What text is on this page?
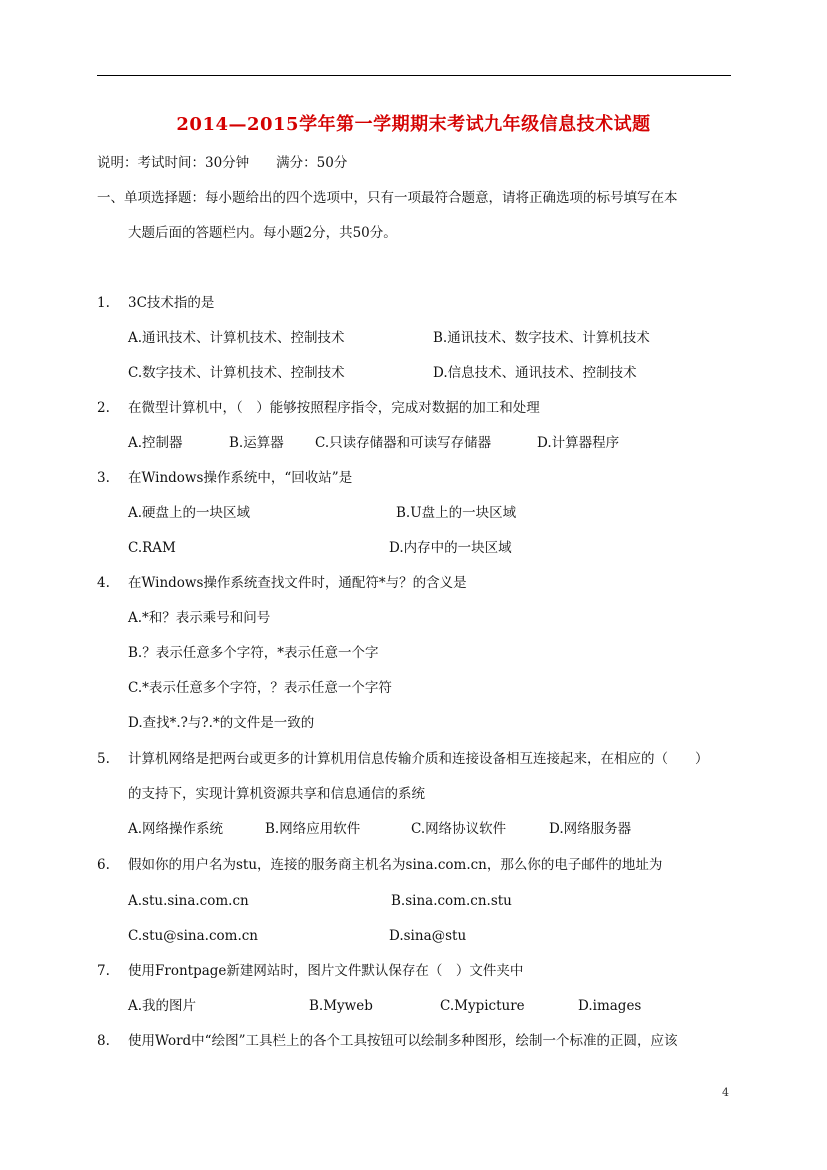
2014—2015学年第一学期期末考试九年级信息技术试题
说明：考试时间：30分钟　　满分：50分
一、单项选择题：每小题给出的四个选项中，只有一项最符合题意，请将正确选项的标号填写在本
大题后面的答题栏内。每小题2分，共50分。
1. 3C技术指的是
A.通讯技术、计算机技术、控制技术	B.通讯技术、数字技术、计算机技术
C.数字技术、计算机技术、控制技术	D.信息技术、通讯技术、控制技术
2. 在微型计算机中，（　）能够按照程序指令，完成对数据的加工和处理
A.控制器	B.运算器 C.只读存储器和可读写存储器	D.计算器程序
3. 在Windows操作系统中，“回收站”是
A.硬盘上的一块区域	B.U盘上的一块区域
C.RAM	D.内存中的一块区域
4. 在Windows操作系统查找文件时，通配符*与？的含义是
A.*和？表示乘号和问号
B.？表示任意多个字符，*表示任意一个字
C.*表示任意多个字符，？表示任意一个字符
D.查找*.?与?.*的文件是一致的
5. 计算机网络是把两台或更多的计算机用信息传输介质和连接设备相互连接起来，在相应的（　　）
的支持下，实现计算机资源共享和信息通信的系统
A.网络操作系统	B.网络应用软件	C.网络协议软件	D.网络服务器
6. 假如你的用户名为stu，连接的服务商主机名为sina.com.cn，那么你的电子邮件的地址为
A.stu.sina.com.cn	B.sina.com.cn.stu
C.stu@sina.com.cn	D.sina@stu
7. 使用Frontpage新建网站时，图片文件默认保存在（　）文件夹中
A.我的图片	B.Myweb	C.Mypicture	D.images
8. 使用Word中“绘图”工具栏上的各个工具按钮可以绘制多种图形，绘制一个标准的正圆，应该
4
